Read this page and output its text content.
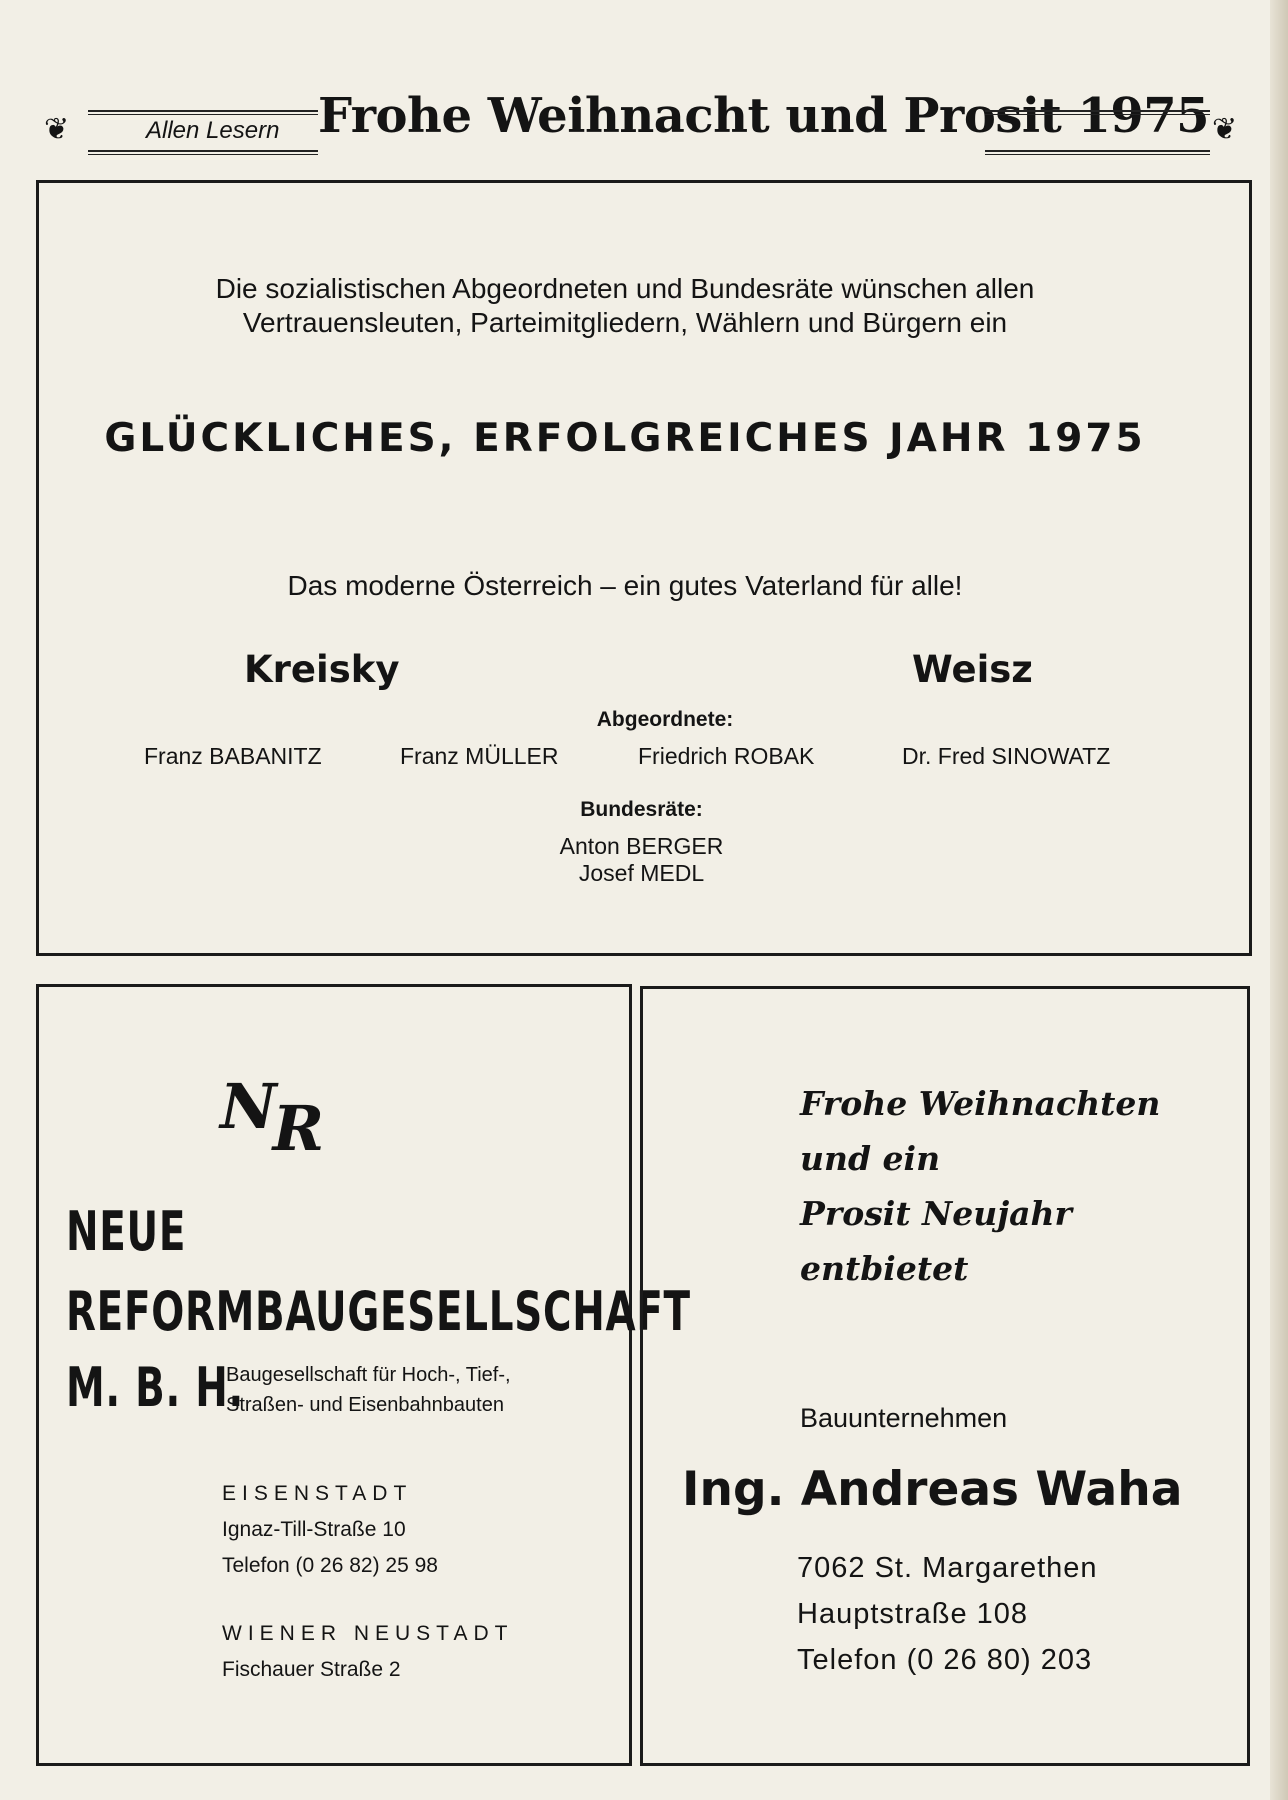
❦	Allen Lesern Frohe Weihnacht und Prosit 1975 ❦
Die sozialistischen Abgeordneten und Bundesräte wünschen allen
Vertrauensleuten, Parteimitgliedern, Wählern und Bürgern ein
GLÜCKLICHES, ERFOLGREICHES JAHR 1975
Das moderne Österreich – ein gutes Vaterland für alle!
Kreisky	Weisz
Abgeordnete:
Franz BABANITZ	Franz MÜLLER	Friedrich ROBAK	Dr. Fred SINOWATZ
Bundesräte:
Anton BERGER
Josef MEDL
NR
NEUE
REFORMBAUGESELLSCHAFT
M. B. H.
Baugesellschaft für Hoch-, Tief-,
Straßen- und Eisenbahnbauten
EISENSTADT
Ignaz-Till-Straße 10
Telefon (0 26 82) 25 98
WIENER NEUSTADT
Fischauer Straße 2
Frohe Weihnachten
und ein
Prosit Neujahr
entbietet
Bauunternehmen
Ing. Andreas Waha
7062 St. Margarethen
Hauptstraße 108
Telefon (0 26 80) 203
